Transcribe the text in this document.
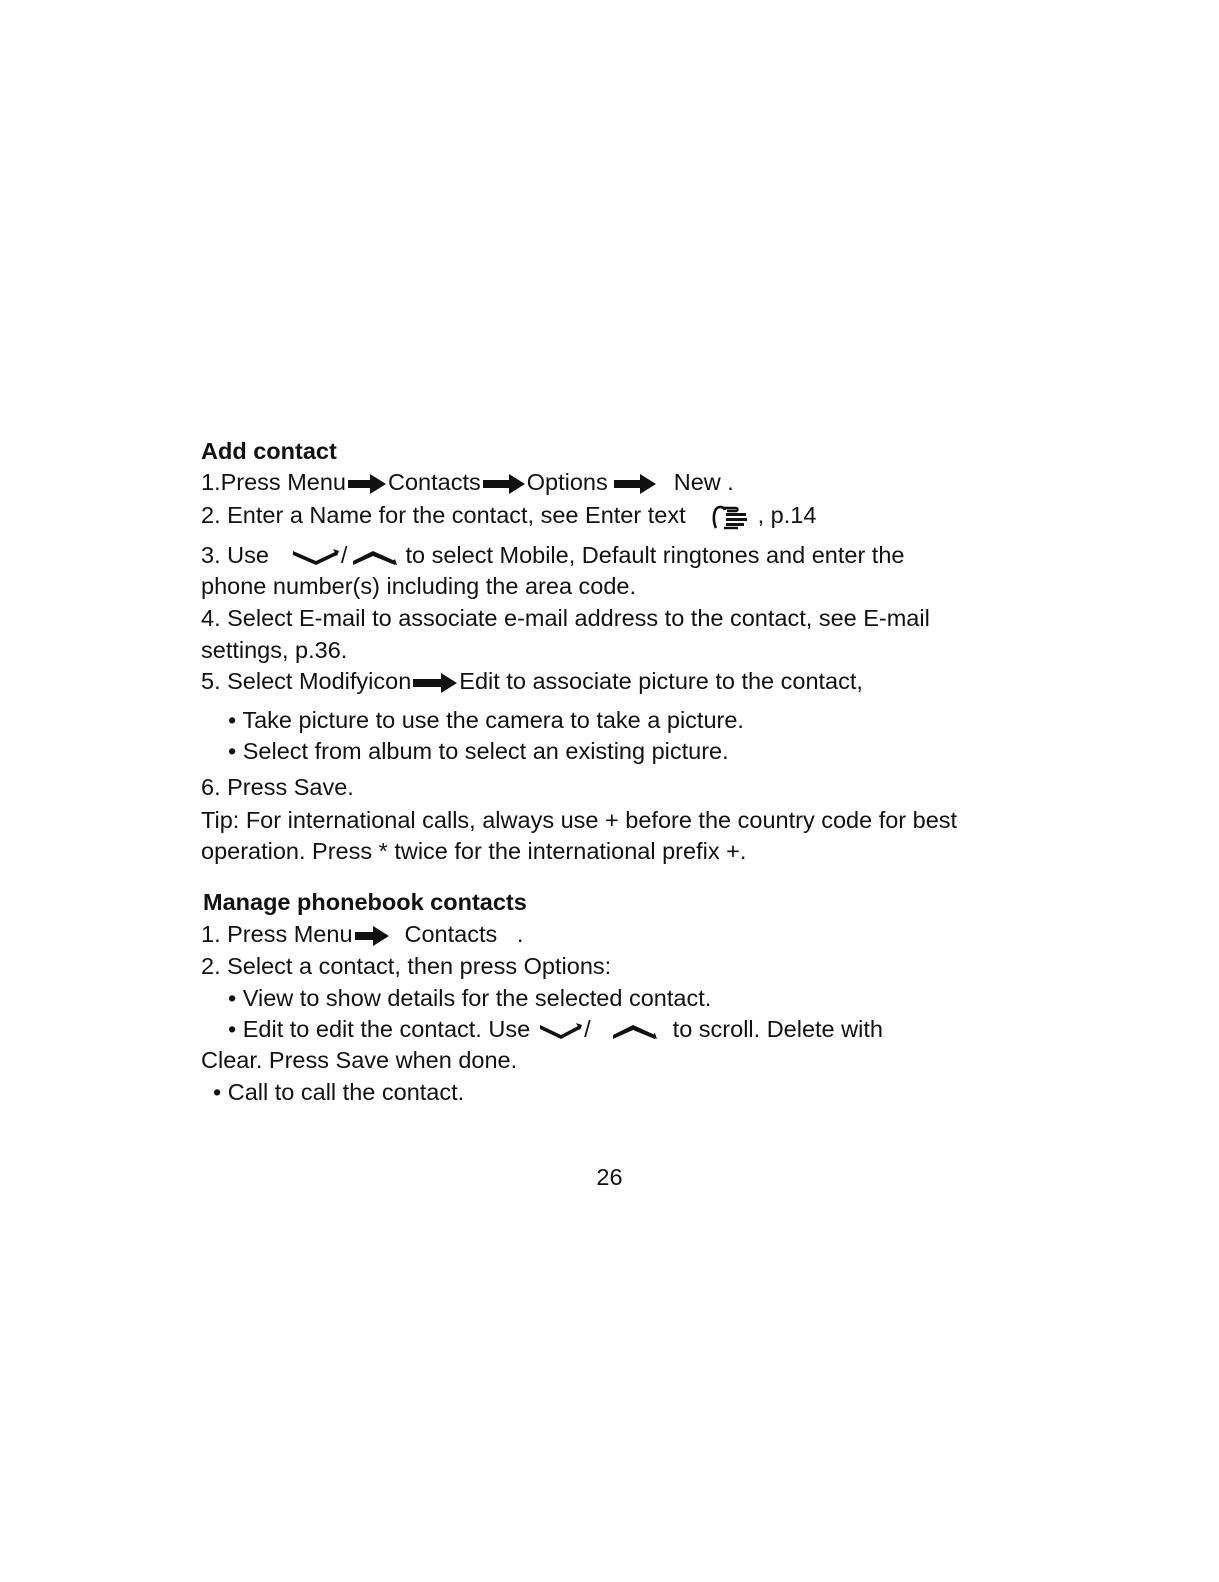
Add contact
1.Press Menu Contacts Options	New .
2. Enter a Name for the contact, see Enter text	, p.14
3. Use	/ to select Mobile, Default ringtones and enter the
phone number(s) including the area code.
4. Select E-mail to associate e-mail address to the contact, see E-mail
settings, p.36.
5. Select Modifyicon Edit to associate picture to the contact,
• Take picture to use the camera to take a picture.
• Select from album to select an existing picture.
6. Press Save.
Tip: For international calls, always use + before the country code for best
operation. Press * twice for the international prefix +.
Manage phonebook contacts
1. Press Menu Contacts   .
2. Select a contact, then press Options:
• View to show details for the selected contact.
• Edit to edit the contact. Use /	to scroll. Delete with
Clear. Press Save when done.
• Call to call the contact.
26
